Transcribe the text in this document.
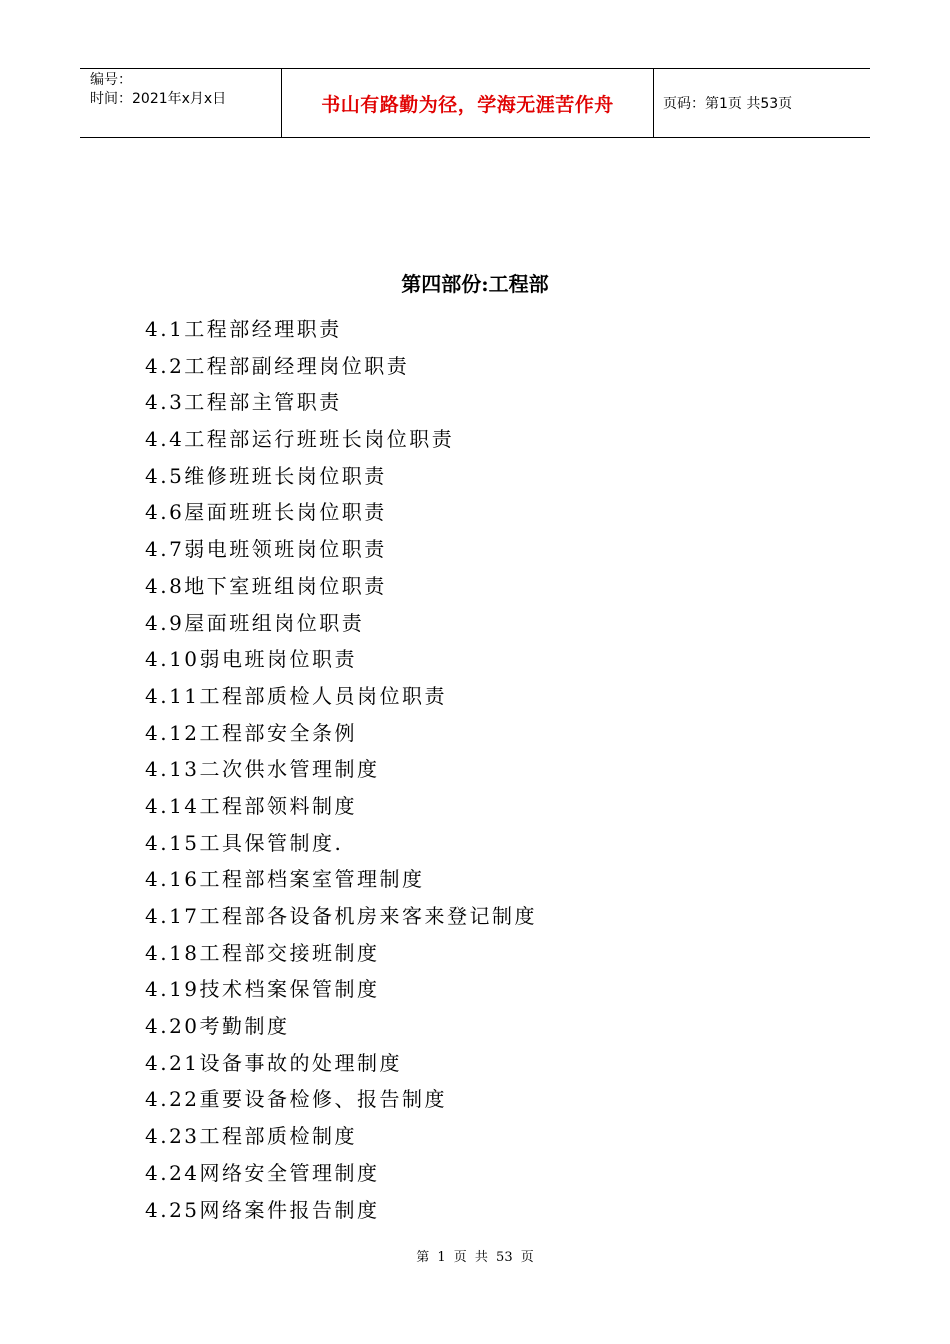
编号：
时间：2021年x月x日	书山有路勤为径，学海无涯苦作舟	页码：第1页 共53页
第四部份:工程部
4.1工程部经理职责
4.2工程部副经理岗位职责
4.3工程部主管职责
4.4工程部运行班班长岗位职责
4.5维修班班长岗位职责
4.6屋面班班长岗位职责
4.7弱电班领班岗位职责
4.8地下室班组岗位职责
4.9屋面班组岗位职责
4.10弱电班岗位职责
4.11工程部质检人员岗位职责
4.12工程部安全条例
4.13二次供水管理制度
4.14工程部领料制度
4.15工具保管制度.
4.16工程部档案室管理制度
4.17工程部各设备机房来客来登记制度
4.18工程部交接班制度
4.19技术档案保管制度
4.20考勤制度
4.21设备事故的处理制度
4.22重要设备检修、报告制度
4.23工程部质检制度
4.24网络安全管理制度
4.25网络案件报告制度
第 1 页 共 53 页
